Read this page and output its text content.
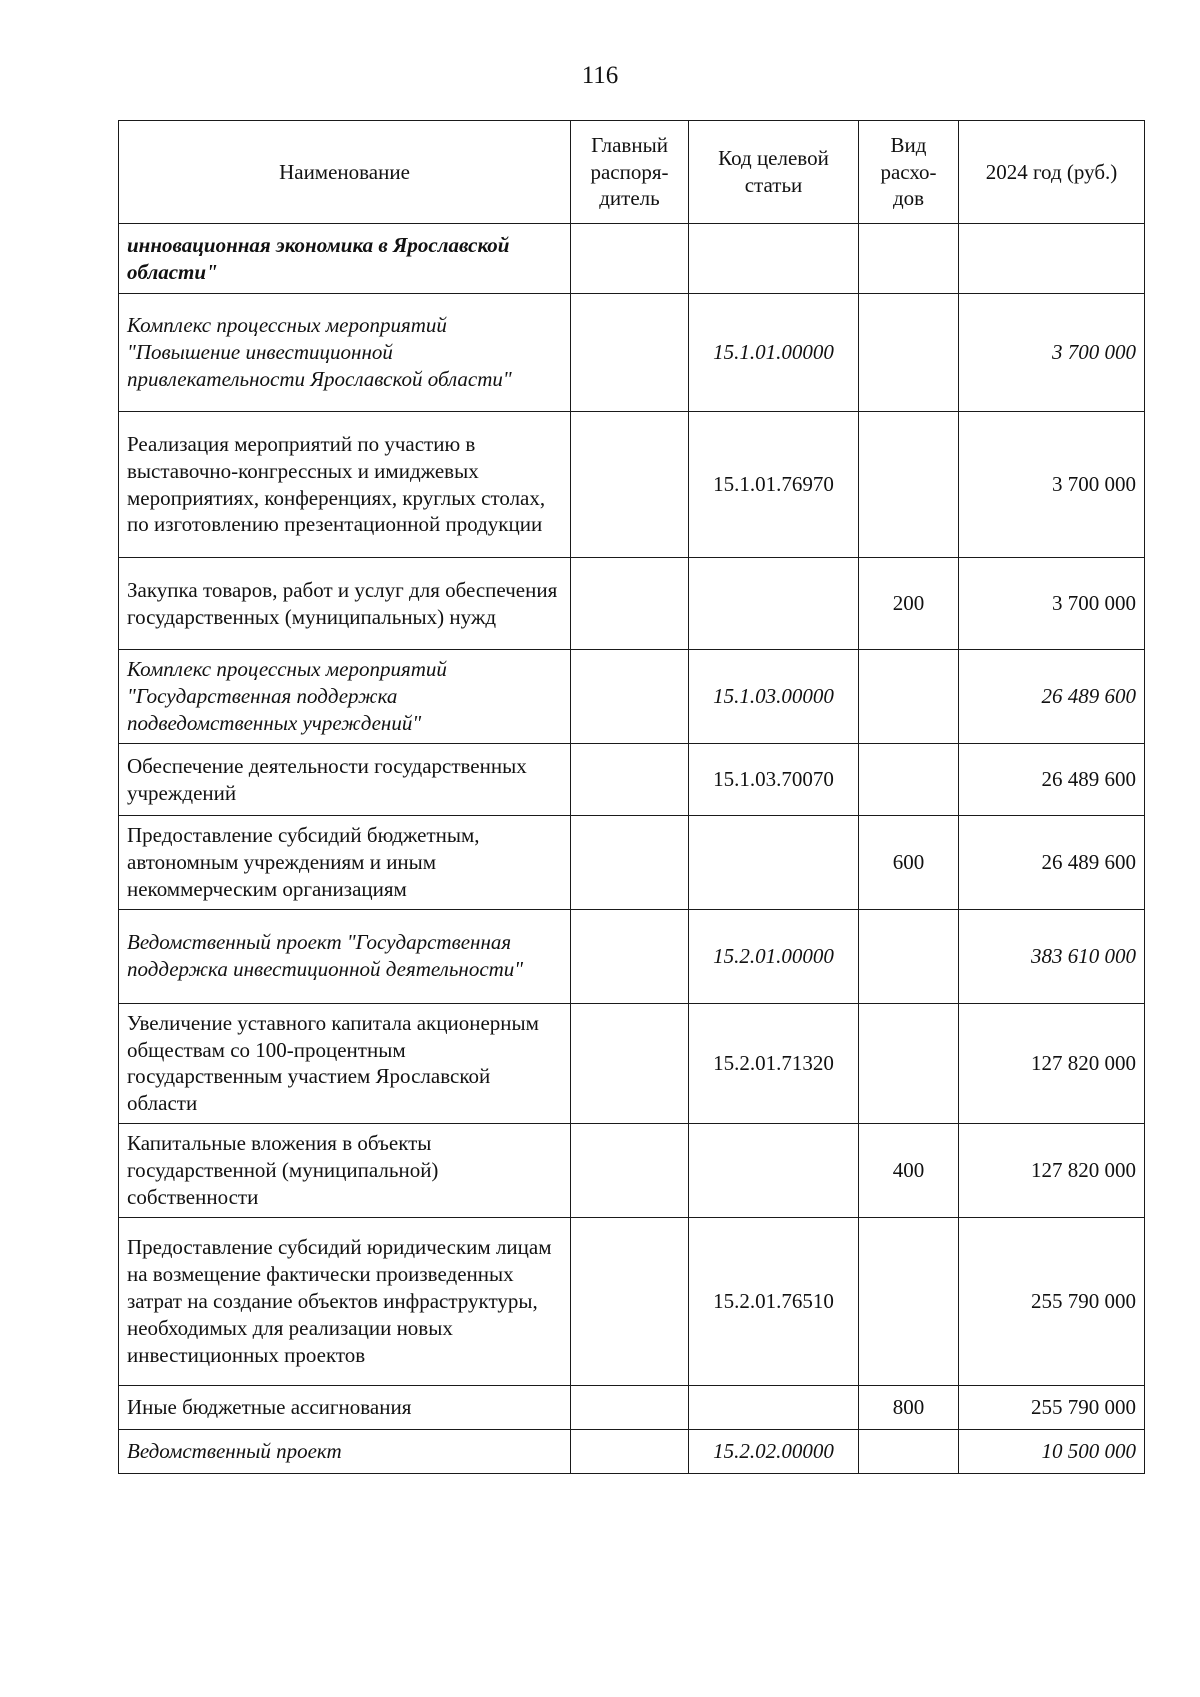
116
Наименование	Главный распоря-дитель	Код целевой статьи	Вид расхо-дов	2024 год (руб.)
инновационная экономика в Ярославской области"				
Комплекс процессных мероприятий "Повышение инвестиционной привлекательности Ярославской области"		15.1.01.00000		3 700 000
Реализация мероприятий по участию в выставочно-конгрессных и имиджевых мероприятиях, конференциях, круглых столах, по изготовлению презентационной продукции		15.1.01.76970		3 700 000
Закупка товаров, работ и услуг для обеспечения государственных (муниципальных) нужд			200	3 700 000
Комплекс процессных мероприятий "Государственная поддержка подведомственных учреждений"		15.1.03.00000		26 489 600
Обеспечение деятельности государственных учреждений		15.1.03.70070		26 489 600
Предоставление субсидий бюджетным, автономным учреждениям и иным некоммерческим организациям			600	26 489 600
Ведомственный проект "Государственная поддержка инвестиционной деятельности"		15.2.01.00000		383 610 000
Увеличение уставного капитала акционерным обществам со 100-процентным государственным участием Ярославской области		15.2.01.71320		127 820 000
Капитальные вложения в объекты государственной (муниципальной) собственности			400	127 820 000
Предоставление субсидий юридическим лицам на возмещение фактически произведенных затрат на создание объектов инфраструктуры, необходимых для реализации новых инвестиционных проектов		15.2.01.76510		255 790 000
Иные бюджетные ассигнования			800	255 790 000
Ведомственный проект		15.2.02.00000		10 500 000
